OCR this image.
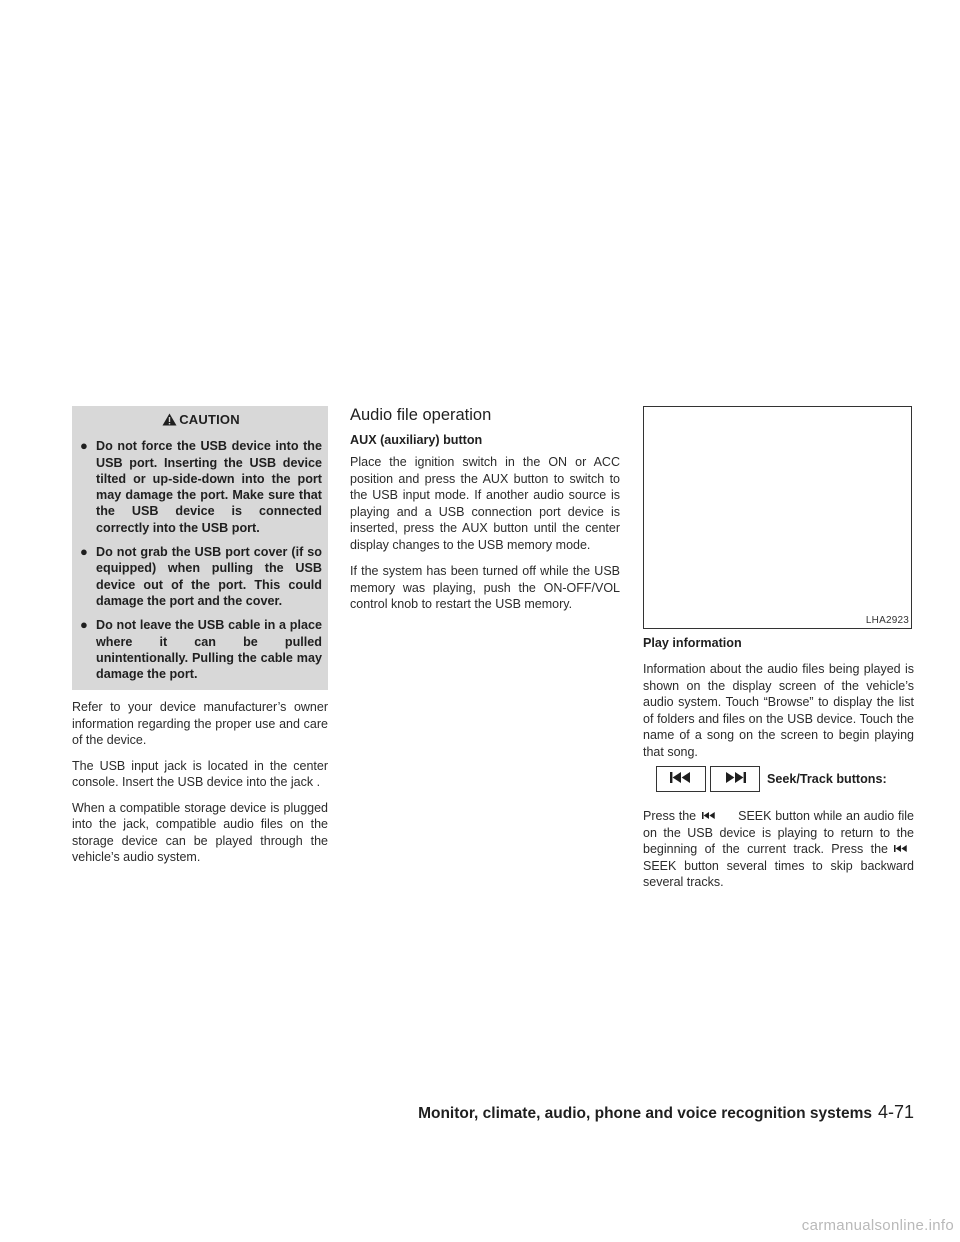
CAUTION
● Do not force the USB device into the USB port. Inserting the USB device tilted or up-side-down into the port may damage the port. Make sure that the USB device is connected correctly into the USB port.
● Do not grab the USB port cover (if so equipped) when pulling the USB device out of the port. This could damage the port and the cover.
● Do not leave the USB cable in a place where it can be pulled unintentionally. Pulling the cable may damage the port.

Refer to your device manufacturer’s owner information regarding the proper use and care of the device.

The USB input jack is located in the center console. Insert the USB device into the jack .

When a compatible storage device is plugged into the jack, compatible audio files on the storage device can be played through the vehicle’s audio system.

Audio file operation
AUX (auxiliary) button

Place the ignition switch in the ON or ACC position and press the AUX button to switch to the USB input mode. If another audio source is playing and a USB connection port device is inserted, press the AUX button until the center display changes to the USB memory mode.

If the system has been turned off while the USB memory was playing, push the ON-OFF/VOL control knob to restart the USB memory.

LHA2923
Play information

Information about the audio files being played is shown on the display screen of the vehicle’s audio system. Touch “Browse” to display the list of folders and files on the USB device. Touch the name of a song on the screen to begin playing that song.

Seek/Track buttons:

Press the	SEEK button while an audio file on the USB device is playing to return to the beginning of the current track. Press theSEEK button several times to skip backward several tracks.

Monitor, climate, audio, phone and voice recognition systems 4-71
carmanualsonline.info
